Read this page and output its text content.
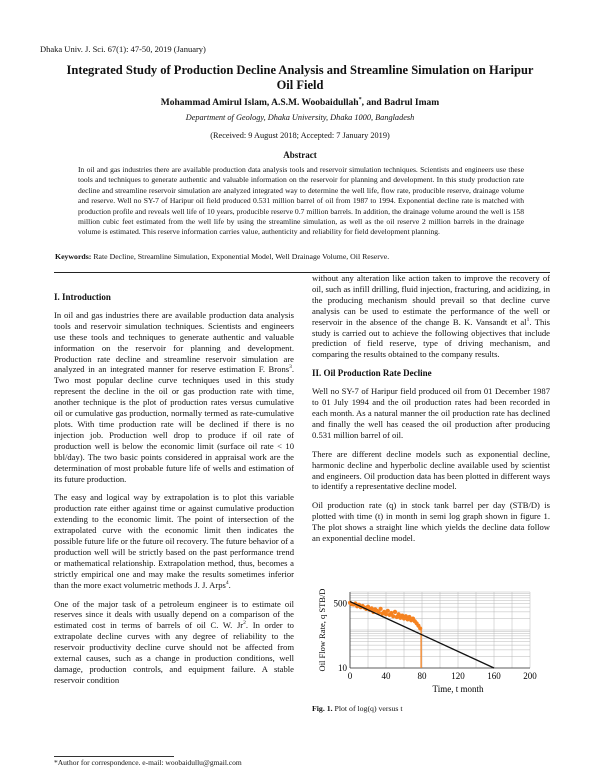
Dhaka Univ. J. Sci. 67(1): 47-50, 2019 (January)
Integrated Study of Production Decline Analysis and Streamline Simulation on Haripur Oil Field
Mohammad Amirul Islam, A.S.M. Woobaidullah*, and Badrul Imam
Department of Geology, Dhaka University, Dhaka 1000, Bangladesh
(Received: 9 August 2018; Accepted: 7 January 2019)
Abstract
In oil and gas industries there are available production data analysis tools and reservoir simulation techniques. Scientists and engineers use these tools and techniques to generate authentic and valuable information on the reservoir for planning and development. In this study production rate decline and streamline reservoir simulation are analyzed integrated way to determine the well life, flow rate, producible reserve, drainage volume and reserve. Well no SY-7 of Haripur oil field produced 0.531 million barrel of oil from 1987 to 1994. Exponential decline rate is matched with production profile and reveals well life of 10 years, producible reserve 0.7 million barrels. In addition, the drainage volume around the well is 158 million cubic feet estimated from the well life by using the streamline simulation, as well as the oil reserve 2 million barrels in the drainage volume is estimated. This reserve information carries value, authenticity and reliability for field development planning.
Keywords: Rate Decline, Streamline Simulation, Exponential Model, Well Drainage Volume, Oil Reserve.
I. Introduction

In oil and gas industries there are available production data analysis tools and reservoir simulation techniques. Scientists and engineers use these tools and techniques to generate authentic and valuable information on the reservoir for planning and development. Production rate decline and streamline reservoir simulation are analyzed in an integrated manner for reserve estimation F. Brons$^3$. Two most popular decline curve techniques used in this study represent the decline in the oil or gas production rate with time, another technique is the plot of production rates versus cumulative oil or cumulative gas production, normally termed as rate-cumulative plots. With time production rate will be declined if there is no injection job. Production well drop to produce if oil rate of production well is below the economic limit (surface oil rate < 10 bbl/day). The two basic points considered in appraisal work are the determination of most probable future life of wells and estimation of its future production.

The easy and logical way by extrapolation is to plot this variable production rate either against time or against cumulative production extending to the economic limit. The point of intersection of the extrapolated curve with the economic limit then indicates the possible future life or the future oil recovery. The future behavior of a production well will be strictly based on the past performance trend or mathematical relationship. Extrapolation method, thus, becomes a strictly empirical one and may make the results sometimes inferior than the more exact volumetric methods J. J. Arps$^4$.

One of the major task of a petroleum engineer is to estimate oil reserves since it deals with usually depend on a comparison of the estimated cost in terms of barrels of oil C. W. Jr$^2$. In order to extrapolate decline curves with any degree of reliability to the reservoir productivity decline curve should not be affected from external causes, such as a change in production conditions, well damage, production controls, and equipment failure. A stable reservoir condition

without any alteration like action taken to improve the recovery of oil, such as infill drilling, fluid injection, fracturing, and acidizing, in the producing mechanism should prevail so that decline curve analysis can be used to estimate the performance of the well or reservoir in the absence of the change B. K. Vansandt et $al^1$. This study is carried out to achieve the following objectives that include prediction of field reserve, type of driving mechanism, and comparing the results obtained to the company results.

II. Oil Production Rate Decline

Well no SY-7 of Haripur field produced oil from 01 December 1987 to 01 July 1994 and the oil production rates had been recorded in each month. As a natural manner the oil production rate has declined and finally the well has ceased the oil production after producing 0.531 million barrel of oil.

There are different decline models such as exponential decline, harmonic decline and hyperbolic decline available used by scientist and engineers. Oil production data has been plotted in different ways to identify a representative decline model.

Oil production rate (q) in stock tank barrel per day (STB/D) is plotted with time (t) in month in semi log graph shown in figure 1. The plot shows a straight line which yields the decline data follow an exponential decline model.

0	40	80	120	160	200
10
500
Time, t month
Oil Flow Rate, q STB/D
Fig. 1. Plot of log(q) versus t
*Author for correspondence. e-mail: woobaidullu@gmail.com
